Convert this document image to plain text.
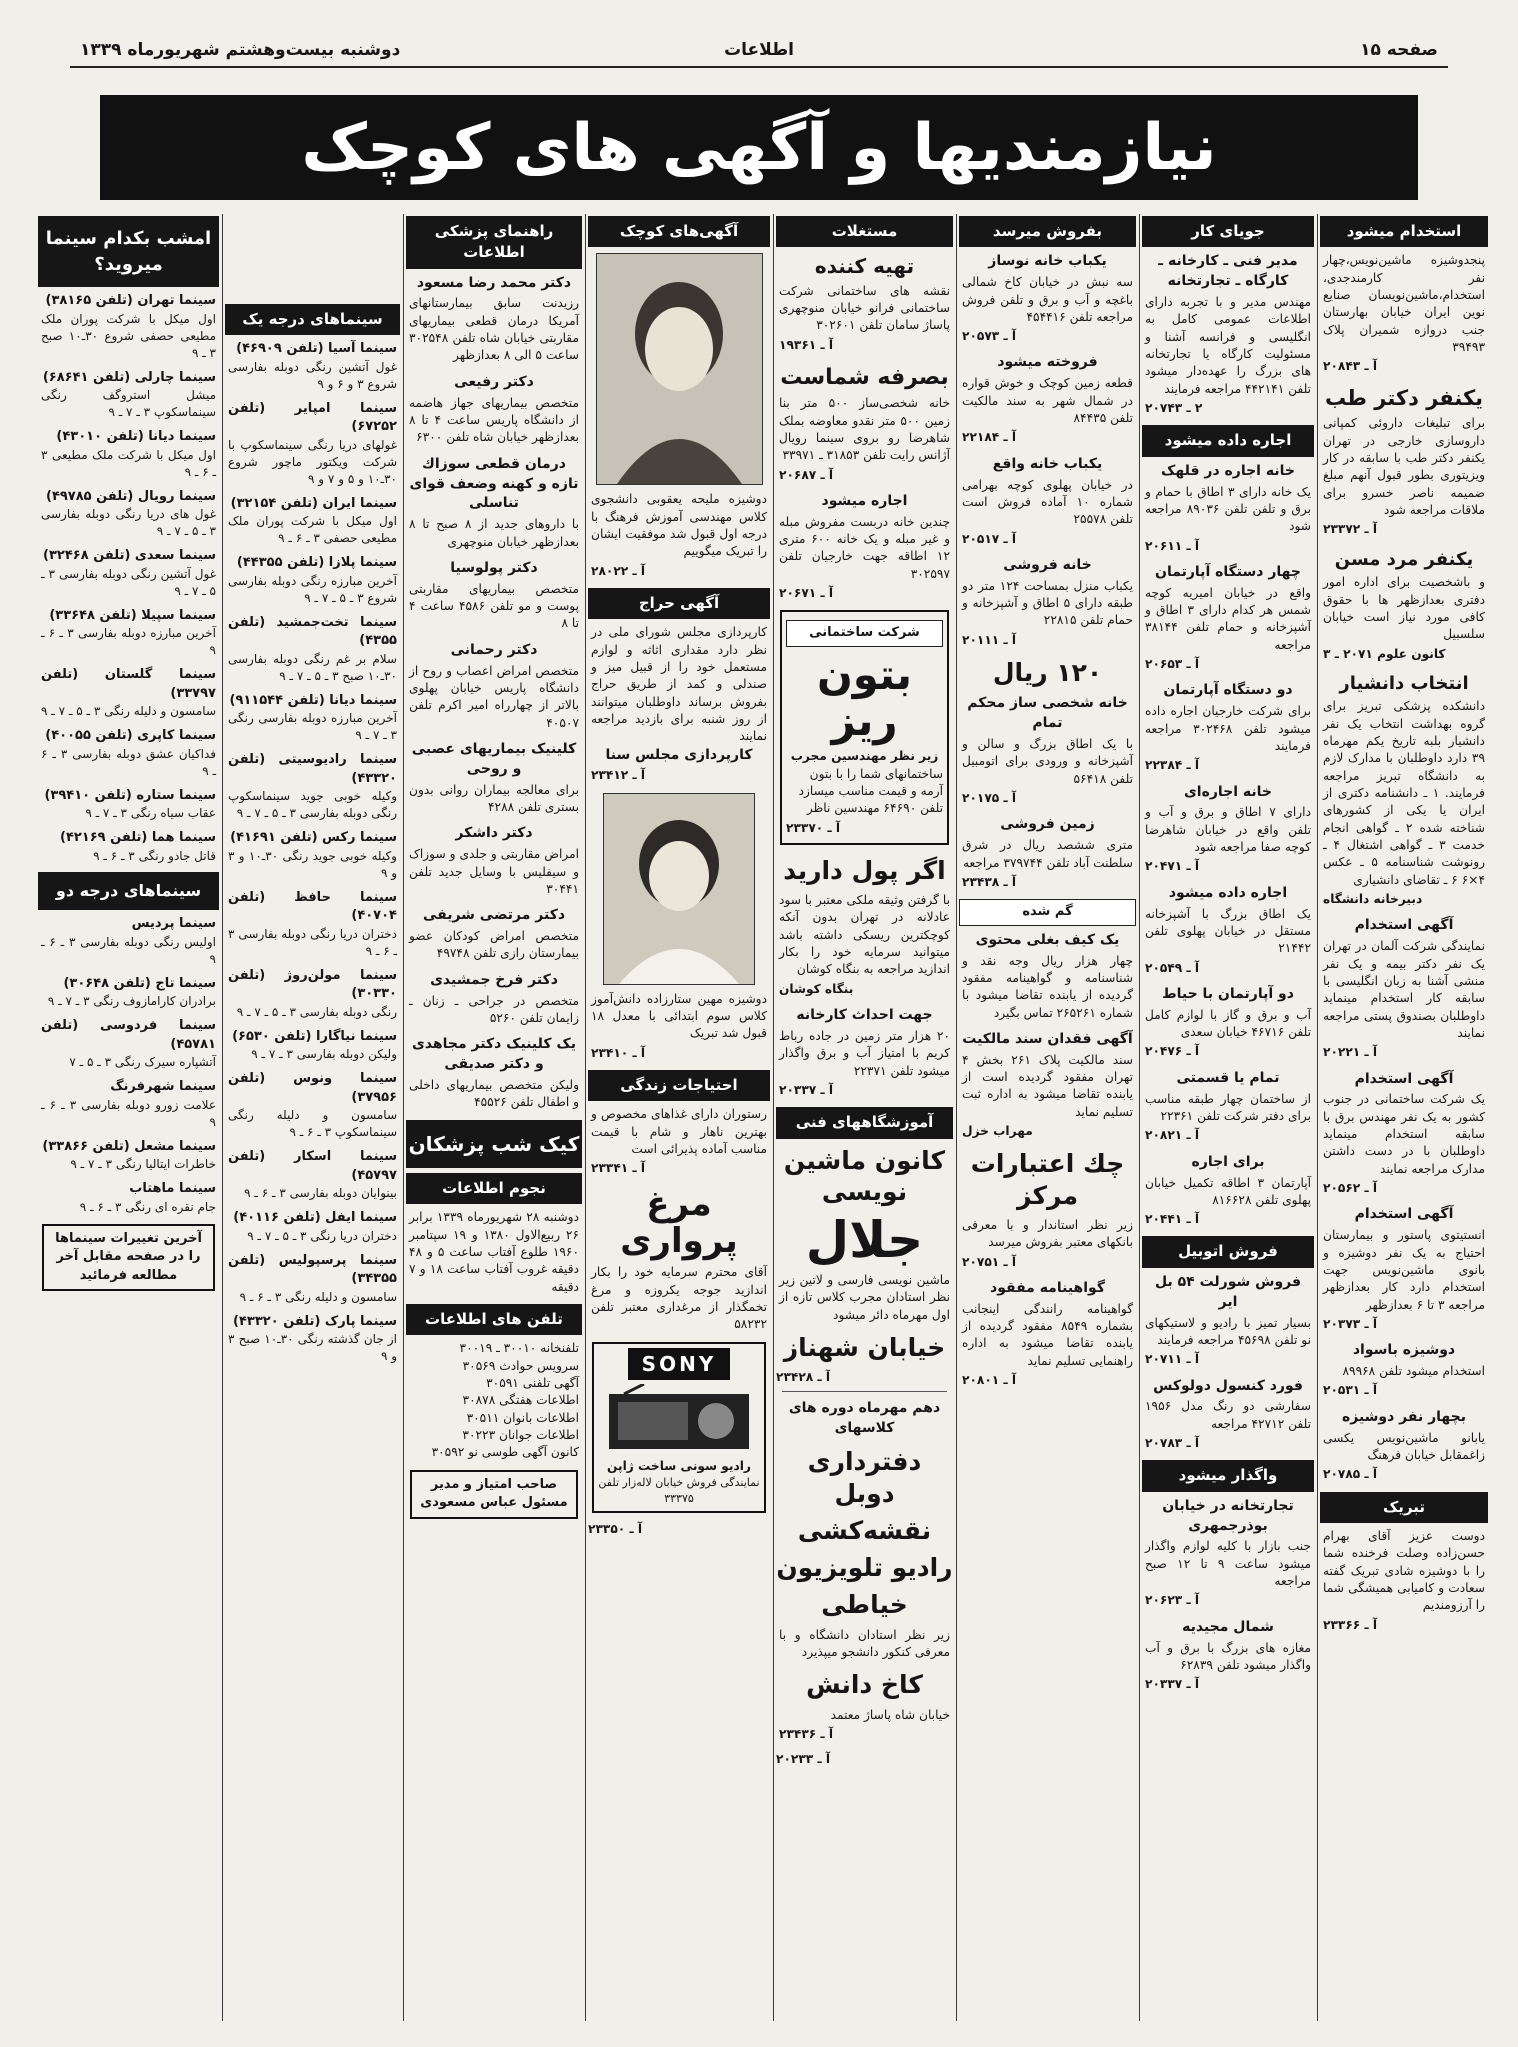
صفحه ۱۵
اطلاعات
دوشنبه بیست‌وهشتم شهریورماه ۱۳۳۹
نیازمندیها و آگهی های کوچک
استخدام میشود
پنجدوشیزه ماشین‌نویس،چهار نفر کارمندجدی، استخدام،ماشین‌نویسان صنایع نوین ایران خیابان بهارستان جنب دروازه شمیران پلاک ۳۹۴۹۳
آ ـ ۲۰۸۴۳
یکنفر دکتر طب
برای تبلیغات داروئی کمپانی داروسازی خارجی در تهران یکنفر دکتر طب با سابقه در کار ویزیتوری بطور قبول آنهم مبلغ ضمیمه ناصر خسرو برای ملاقات مراجعه شود
آ ـ ۲۳۳۷۲
یکنفر مرد مسن
و باشخصیت برای اداره امور دفتری بعدازظهر ها با حقوق کافی مورد نیاز است خیابان سلسبیل
کانون علوم ۲۰۷۱ ـ ۳
انتخاب دانشیار
دانشکده پزشکی تبریز برای گروه بهداشت انتخاب یک نفر دانشیار بلبه تاریخ یکم مهرماه ۳۹ دارد داوطلبان با مدارک لازم به دانشگاه تبریز مراجعه فرمایند. ۱ ـ دانشنامه دکتری از ایران یا یکی از کشورهای شناخته شده ۲ ـ گواهی انجام خدمت ۳ ـ گواهی اشتغال ۴ ـ رونوشت شناسنامه ۵ ـ عکس ۴×۶ ۶ ـ تقاضای دانشیاری
دبیرخانه دانشگاه
آگهی استخدام
نمایندگی شرکت آلمان در تهران یک نفر دکتر بیمه و یک نفر منشی آشنا به زبان انگلیسی با سابقه کار استخدام مینماید داوطلبان بصندوق پستی مراجعه نمایند
آ ـ ۲۰۲۲۱
آگهی استخدام
یک شرکت ساختمانی در جنوب کشور به یک نفر مهندس برق با سابقه استخدام مینماید داوطلبان با در دست داشتن مدارک مراجعه نمایند
آ ـ ۲۰۵۶۲
آگهی استخدام
انستیتوی پاستور و بیمارستان احتیاج به یک نفر دوشیزه و بانوی ماشین‌نویس جهت استخدام دارد کار بعدازظهر مراجعه ۳ تا ۶ بعدازظهر
آ ـ ۲۰۳۷۳
دوشیزه باسواد
استخدام میشود تلفن ۸۹۹۶۸
آ ـ ۲۰۵۳۱
بچهار نفر دوشیزه
یابانو ماشین‌نویس یکسی زاغمقابل خیابان فرهنگ
آ ـ ۲۰۷۸۵
تبریک
دوست عزیز آقای بهرام حسن‌زاده وصلت فرخنده شما را با دوشیزه شادی تبریک گفته سعادت و کامیابی همیشگی شما را آرزومندیم
آ ـ ۲۳۳۶۶
جویای کار
مدیر فنی ـ کارخانه ـ کارگاه ـ تجارتخانه
مهندس مدیر و با تجربه دارای اطلاعات عمومی کامل به انگلیسی و فرانسه آشنا و مسئولیت کارگاه یا تجارتخانه های بزرگ را عهده‌دار میشود تلفن ۴۴۲۱۴۱ مراجعه فرمایند
۲ ـ ۲۰۷۴۳
اجاره داده میشود
خانه اجاره در قلهک
یک خانه دارای ۳ اطاق با حمام و برق و تلفن تلفن ۸۹۰۳۶ مراجعه شود
آ ـ ۲۰۶۱۱
چهار دستگاه آپارتمان
واقع در خیابان امیریه کوچه شمس هر کدام دارای ۳ اطاق و آشپزخانه و حمام تلفن ۳۸۱۴۴ مراجعه
آ ـ ۲۰۶۵۳
دو دستگاه آپارتمان
برای شرکت خارجیان اجاره داده میشود تلفن ۳۰۲۴۶۸ مراجعه فرمایند
آ ـ ۲۲۳۸۴
خانه اجاره‌ای
دارای ۷ اطاق و برق و آب و تلفن واقع در خیابان شاهرضا کوچه صفا مراجعه شود
آ ـ ۲۰۴۷۱
اجاره داده میشود
یک اطاق بزرگ با آشپزخانه مستقل در خیابان پهلوی تلفن ۲۱۴۴۲
آ ـ ۲۰۵۴۹
دو آپارتمان با حیاط
آب و برق و گاز با لوازم کامل تلفن ۴۶۷۱۶ خیابان سعدی
آ ـ ۲۰۴۷۶
تمام یا قسمتی
از ساختمان چهار طبقه مناسب برای دفتر شرکت تلفن ۲۲۳۶۱
آ ـ ۲۰۸۲۱
برای اجاره
آپارتمان ۳ اطاقه تکمیل خیابان پهلوی تلفن ۸۱۶۶۲۸
آ ـ ۲۰۴۴۱
فروش اتوبیل
فروش شورلت ۵۴ بل ایر
بسیار تمیز با رادیو و لاستیکهای نو تلفن ۴۵۶۹۸ مراجعه فرمایند
آ ـ ۲۰۷۱۱
فورد کنسول دولوکس
سفارشی دو رنگ مدل ۱۹۵۶ تلفن ۴۲۷۱۲ مراجعه
آ ـ ۲۰۷۸۳
واگذار میشود
تجارتخانه در خیابان بوذرجمهری
جنب بازار با کلیه لوازم واگذار میشود ساعت ۹ تا ۱۲ صبح مراجعه
آ ـ ۲۰۶۲۳
شمال مجیدیه
مغازه های بزرگ با برق و آب واگذار میشود تلفن ۶۲۸۳۹
آ ـ ۲۰۳۳۷
بفروش میرسد
یکباب خانه نوساز
سه نبش در خیابان کاخ شمالی باغچه و آب و برق و تلفن فروش مراجعه تلفن ۴۵۴۴۱۶
آ ـ ۲۰۵۷۳
فروخته میشود
قطعه زمین کوچک و خوش قواره در شمال شهر به سند مالکیت تلفن ۸۴۴۳۵
آ ـ ۲۲۱۸۴
یکباب خانه واقع
در خیابان پهلوی کوچه بهرامی شماره ۱۰ آماده فروش است تلفن ۲۵۵۷۸
آ ـ ۲۰۵۱۷
خانه فروشی
یکباب منزل بمساحت ۱۲۴ متر دو طبقه دارای ۵ اطاق و آشپزخانه و حمام تلفن ۲۲۸۱۵
آ ـ ۲۰۱۱۱
۱۲۰ ریال
خانه شخصی ساز محکم تمام
با یک اطاق بزرگ و سالن و آشپزخانه و ورودی برای اتومبیل تلفن ۵۶۴۱۸
آ ـ ۲۰۱۷۵
زمین فروشی
متری ششصد ریال در شرق سلطنت آباد تلفن ۳۷۹۷۴۴ مراجعه
آ ـ ۲۳۴۳۸
گم شده
یک کیف بغلی محتوی
چهار هزار ریال وجه نقد و شناسنامه و گواهینامه مفقود گردیده از یابنده تقاضا میشود با شماره ۲۶۵۲۶۱ تماس بگیرد
آگهی فقدان سند مالکیت
سند مالکیت پلاک ۲۶۱ بخش ۴ تهران مفقود گردیده است از یابنده تقاضا میشود به اداره ثبت تسلیم نماید
مهراب خزل
چك اعتبارات مركز
زیر نظر استاندار و با معرفی بانکهای معتبر بفروش میرسد
آ ـ ۲۰۷۵۱
گواهینامه مفقود
گواهینامه رانندگی اینجانب بشماره ۸۵۴۹ مفقود گردیده از یابنده تقاضا میشود به اداره راهنمایی تسلیم نماید
آ ـ ۲۰۸۰۱
مستغلات
تهیه کننده
نقشه های ساختمانی شرکت ساختمانی فرانو خیابان منوچهری پاساژ سامان تلفن ۳۰۲۶۰۱
آ ـ ۱۹۳۶۱
بصرفه شماست
خانه شخصی‌ساز ۵۰۰ متر بنا زمین ۵۰۰ متر نقدو معاوضه بملک شاهرضا رو بروی سینما رویال آژانس رایت تلفن ۳۱۸۵۳ ـ ۳۳۹۷۱
آ ـ ۲۰۶۸۷
اجاره میشود
چندین خانه دربست مفروش مبله و غیر مبله و یک خانه ۶۰۰ متری ۱۲ اطاقه جهت خارجیان تلفن ۳۰۲۵۹۷
آ ـ ۲۰۶۷۱
شرکت ساختمانی
بتون ریز
زیر نظر مهندسین مجرب
ساختمانهای شما را با بتون آرمه و قیمت مناسب میسازد تلفن ۶۴۶۹۰ مهندسین ناظر
آ ـ ۲۳۳۷۰
اگر پول دارید
با گرفتن وثیقه ملکی معتبر با سود عادلانه در تهران بدون آنکه کوچکترین ریسکی داشته باشد میتوانید سرمایه خود را بکار اندازید مراجعه به بنگاه کوشان
بنگاه کوشان
جهت احداث کارخانه
۲۰ هزار متر زمین در جاده رباط کریم با امتیاز آب و برق واگذار میشود تلفن ۲۲۳۷۱
آ ـ ۲۰۳۳۷
آموزشگاههای فنی
کانون ماشین نویسی
جلال
ماشین نویسی فارسی و لاتین زیر نظر استادان مجرب کلاس تازه از اول مهرماه دائر میشود
خیابان شهناز
آ ـ ۲۳۴۲۸
دهم مهرماه دوره های کلاسهای
دفترداری دوبل
نقشه‌کشی
رادیو تلویزیون
خیاطی
زیر نظر استادان دانشگاه و با معرفی کنکور دانشجو میپذیرد
کاخ دانش
خیابان شاه پاساژ معتمد
آ ـ ۲۳۴۳۶
آ ـ ۲۰۲۳۳
آگهی‌های کوچک
دوشیزه ملیحه یعقوبی دانشجوی کلاس مهندسی آموزش فرهنگ با درجه اول قبول شد موفقیت ایشان را تبریک میگوییم
آ ـ ۲۸۰۲۲
آگهی حراج
کارپردازی مجلس شورای ملی در نظر دارد مقداری اثاثه و لوازم مستعمل خود را از قبیل میز و صندلی و کمد از طریق حراج بفروش برساند داوطلبان میتوانند از روز شنبه برای بازدید مراجعه نمایند
کارپردازی مجلس سنا
آ ـ ۲۳۴۱۲
دوشیزه مهین ستارزاده دانش‌آموز کلاس سوم ابتدائی با معدل ۱۸ قبول شد تبریک
آ ـ ۲۳۴۱۰
احتیاجات زندگی
رستوران دارای غذاهای مخصوص و بهترین ناهار و شام با قیمت مناسب آماده پذیرائی است
آ ـ ۲۳۳۴۱
مرغ پرواری
آقای محترم سرمایه خود را بکار اندازید جوجه یکروزه و مرغ تخمگذار از مرغداری معتبر تلفن ۵۸۲۳۲
SONY
رادیو سونی ساخت ژاپن
نمایندگی فروش خیابان لاله‌زار تلفن ۳۳۳۷۵
آ ـ ۲۳۳۵۰
راهنمای پزشکی اطلاعات
دکتر محمد رضا مسعود
رزیدنت سابق بیمارستانهای آمریکا درمان قطعی بیماریهای مقاربتی خیابان شاه تلفن ۳۰۲۵۴۸ ساعت ۵ الی ۸ بعدازظهر
دکتر رفیعی
متخصص بیماریهای جهاز هاضمه از دانشگاه پاریس ساعت ۴ تا ۸ بعدازظهر خیابان شاه تلفن ۶۳۰۰
درمان قطعی سوزاك تازه و كهنه وضعف قوای تناسلی
با داروهای جدید از ۸ صبح تا ۸ بعدازظهر خیابان منوچهری
دکتر پولوسیا
متخصص بیماریهای مقاربتی پوست و مو تلفن ۴۵۸۶ ساعت ۴ تا ۸
دکتر رحمانی
متخصص امراض اعصاب و روح از دانشگاه پاریس خیابان پهلوی بالاتر از چهارراه امیر اکرم تلفن ۴۰۵۰۷
کلینیک بیماریهای عصبی و روحی
برای معالجه بیماران روانی بدون بستری تلفن ۴۲۸۸
دکتر داشکر
امراض مقاربتی و جلدی و سوزاک و سیفلیس با وسایل جدید تلفن ۳۰۴۴۱
دکتر مرتضی شریفی
متخصص امراض کودکان عضو بیمارستان رازی تلفن ۴۹۷۴۸
دکتر فرخ جمشیدی
متخصص در جراحی ـ زنان ـ زایمان تلفن ۵۲۶۰
یک کلینیک دکتر مجاهدی و دکتر صدیقی
ولیکن متخصص بیماریهای داخلی و اطفال تلفن ۴۵۵۲۶
کیک شب پزشکان
نجوم اطلاعات
دوشنبه ۲۸ شهریورماه ۱۳۳۹ برابر ۲۶ ربیع‌الاول ۱۳۸۰ و ۱۹ سپتامبر ۱۹۶۰ طلوع آفتاب ساعت ۵ و ۴۸ دقیقه غروب آفتاب ساعت ۱۸ و ۷ دقیقه
تلفن های اطلاعات
تلفنخانه ۳۰۰۱۰ ـ ۳۰۰۱۹
سرویس حوادث ۳۰۵۶۹
آگهی تلفنی ۳۰۵۹۱
اطلاعات هفتگی ۳۰۸۷۸
اطلاعات بانوان ۳۰۵۱۱
اطلاعات جوانان ۳۰۲۲۳
کانون آگهی طوسی نو ۳۰۵۹۲
صاحب امتیاز و مدیر مسئول عباس مسعودی
سینماهای درجه یک
سینما آسیا (تلفن ۴۶۹۰۹)
غول آتشین رنگی دوبله بفارسی شروع ۳ و ۶ و ۹
سینما امپایر (تلفن ۶۷۲۵۲)
غولهای دریا رنگی سینماسکوپ با شرکت ویکتور ماچور شروع ۳۰‌ـ۱۰ و ۵ و ۷ و ۹
سینما ایران (تلفن ۳۲۱۵۴)
اول میکل با شرکت پوران ملک مطیعی حصفی ۳ ـ ۶ ـ ۹
سینما پلازا (تلفن ۴۴۳۵۵)
آخرین مبارزه رنگی دوبله بفارسی شروع ۳ ـ ۵ ـ ۷ ـ ۹
سینما تخت‌جمشید (تلفن ۴۳۵۵)
سلام بر غم رنگی دوبله بفارسی ۳۰ـ۱۰ صبح ۳ ـ ۵ ـ ۷ ـ ۹
سینما دیانا (تلفن ۹۱۱۵۴۴)
آخرین مبارزه دوبله بفارسی رنگی ۳ ـ ۷ ـ ۹
سینما رادیوسیتی (تلفن ۴۳۳۲۰)
وکیله خوبی جوید سینماسکوپ رنگی دوبله بفارسی ۳ ـ ۵ ـ ۷ ـ ۹
سینما رکس (تلفن ۴۱۶۹۱)
وکیله خوبی جوید رنگی ۳۰ـ۱۰ و ۳ و ۹
سینما حافظ (تلفن ۴۰۷۰۴)
دختران دریا رنگی دوبله بفارسی ۳ ـ ۶ ـ ۹
سینما مولن‌روژ (تلفن ۳۰۳۳۰)
رنگی دوبله بفارسی ۳ ـ ۵ ـ ۷ ـ ۹
سینما نیاگارا (تلفن ۶۵۳۰)
ولیکن دوبله بفارسی ۳ ـ ۷ ـ ۹
سینما ونوس (تلفن ۳۷۹۵۶)
سامسون و دلیله رنگی سینماسکوپ ۳ ـ ۶ ـ ۹
سینما اسکار (تلفن ۴۵۷۹۷)
بینوایان دوبله بفارسی ۳ ـ ۶ ـ ۹
سینما ایفل (تلفن ۴۰۱۱۶)
دختران دریا رنگی ۳ ـ ۵ ـ ۷ ـ ۹
سینما پرسپولیس (تلفن ۳۴۳۵۵)
سامسون و دلیله رنگی ۳ ـ ۶ ـ ۹
سینما پارک (تلفن ۴۳۳۲۰)
از جان گذشته رنگی ۳۰ـ۱۰ صبح ۳ و ۹
امشب بکدام سینما میروید؟
سینما تهران (تلفن ۳۸۱۶۵)
اول میکل با شرکت پوران ملک مطیعی حصفی شروع ۳۰ـ۱۰ صبح ۳ ـ ۹
سینما چارلی (تلفن ۶۸۶۴۱)
میشل استروگف رنگی سینماسکوپ ۳ ـ ۷ ـ ۹
سینما دیانا (تلفن ۴۳۰۱۰)
اول میکل با شرکت ملک مطیعی ۳ ـ ۶ ـ ۹
سینما رویال (تلفن ۴۹۷۸۵)
غول های دریا رنگی دوبله بفارسی ۳ ـ ۵ ـ ۷ ـ ۹
سینما سعدی (تلفن ۳۲۴۶۸)
غول آتشین رنگی دوبله بفارسی ۳ ـ ۵ ـ ۷ ـ ۹
سینما سپیلا (تلفن ۳۳۶۴۸)
آخرین مبارزه دوبله بفارسی ۳ ـ ۶ ـ ۹
سینما گلستان (تلفن ۳۳۷۹۷)
سامسون و دلیله رنگی ۳ ـ ۵ ـ ۷ ـ ۹
سینما کاپری (تلفن ۴۰۰۵۵)
فداکیان عشق دوبله بفارسی ۳ ـ ۶ ـ ۹
سینما ستاره (تلفن ۳۹۴۱۰)
عقاب سیاه رنگی ۳ ـ ۷ ـ ۹
سینما هما (تلفن ۴۲۱۶۹)
قاتل جادو رنگی ۳ ـ ۶ ـ ۹
سینماهای درجه دو
سینما پردیس
اولیس رنگی دوبله بفارسی ۳ ـ ۶ ـ ۹
سینما تاج (تلفن ۳۰۶۴۸)
برادران کارامازوف رنگی ۳ ـ ۷ ـ ۹
سینما فردوسی (تلفن ۴۵۷۸۱)
آتشپاره سیرک رنگی ۳ ـ ۵ ـ ۷
سینما شهرفرنگ
علامت زورو دوبله بفارسی ۳ ـ ۶ ـ ۹
سینما مشعل (تلفن ۳۳۸۶۶)
خاطرات ایتالیا رنگی ۳ ـ ۷ ـ ۹
سینما ماهتاب
جام نقره ای رنگی ۳ ـ ۶ ـ ۹
آخرین تغییرات سینماها را در صفحه مقابل آخر مطالعه فرمائید
